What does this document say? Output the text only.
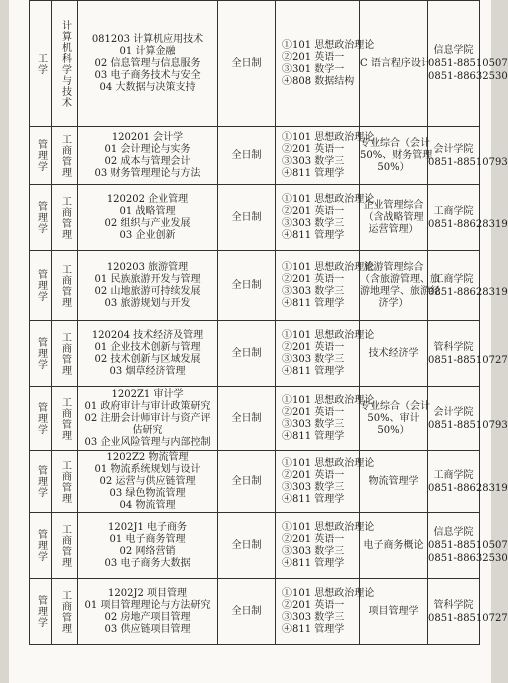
工学	计算机科学与技术	081203 计算机应用技术
01 计算金融
02 信息管理与信息服务
03 电子商务技术与安全
04 大数据与决策支持	全日制	①101 思想政治理论
②201 英语一
③301 数学一
④808 数据结构	C 语言程序设计	信息学院
0851-88510507
0851-88632530

管理学	工商管理	120201 会计学
01 会计理论与实务
02 成本与管理会计
03 财务管理理论与方法	全日制	①101 思想政治理论
②201 英语一
③303 数学三
④811 管理学	专业综合（会计
50%、财务管理
50%）	会计学院
0851-88510793

管理学	工商管理	120202 企业管理
01 战略管理
02 组织与产业发展
03 企业创新	全日制	①101 思想政治理论
②201 英语一
③303 数学三
④811 管理学	企业管理综合
（含战略管理
运营管理）	工商学院
0851-88628319

管理学	工商管理	120203 旅游管理
01 民族旅游开发与管理
02 山地旅游可持续发展
03 旅游规划与开发	全日制	①101 思想政治理论
②201 英语一
③303 数学三
④811 管理学	旅游管理综合
（含旅游管理、旅
游地理学、旅游经
济学）	工商学院
0851-88628319

管理学	工商管理	120204 技术经济及管理
01 企业技术创新与管理
02 技术创新与区域发展
03 烟草经济管理	全日制	①101 思想政治理论
②201 英语一
③303 数学三
④811 管理学	技术经济学	管科学院
0851-88510727

管理学	工商管理	1202Z1 审计学
01 政府审计与审计政策研究
02 注册会计师审计与资产评
估研究
03 企业风险管理与内部控制	全日制	①101 思想政治理论
②201 英语一
③303 数学三
④811 管理学	专业综合（会计
50%、审计
50%）	会计学院
0851-88510793

管理学	工商管理	1202Z2 物流管理
01 物流系统规划与设计
02 运营与供应链管理
03 绿色物流管理
04 物流管理	全日制	①101 思想政治理论
②201 英语一
③303 数学三
④811 管理学	物流管理学	工商学院
0851-88628319

管理学	工商管理	1202J1 电子商务
01 电子商务管理
02 网络营销
03 电子商务大数据	全日制	①101 思想政治理论
②201 英语一
③303 数学三
④811 管理学	电子商务概论	信息学院
0851-88510507
0851-88632530

管理学	工商管理	1202J2 项目管理
01 项目管理理论与方法研究
02 房地产项目管理
03 供应链项目管理	全日制	①101 思想政治理论
②201 英语一
③303 数学三
④811 管理学	项目管理学	管科学院
0851-88510727
